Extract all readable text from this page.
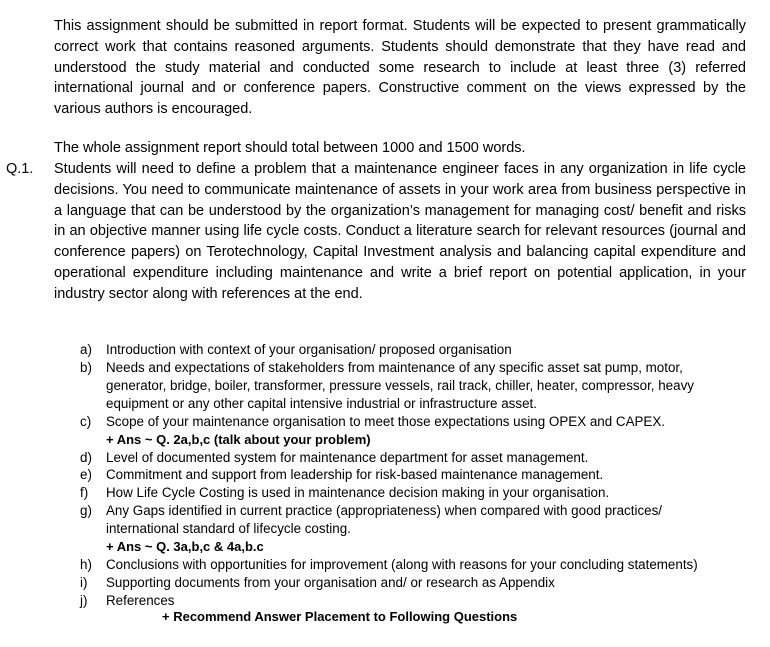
This assignment should be submitted in report format. Students will be expected to present grammatically correct work that contains reasoned arguments. Students should demonstrate that they have read and understood the study material and conducted some research to include at least three (3) referred international journal and or conference papers. Constructive comment on the views expressed by the various authors is encouraged.
The whole assignment report should total between 1000 and 1500 words.
Q.1. Students will need to define a problem that a maintenance engineer faces in any organization in life cycle decisions. You need to communicate maintenance of assets in your work area from business perspective in a language that can be understood by the organization’s management for managing cost/ benefit and risks in an objective manner using life cycle costs. Conduct a literature search for relevant resources (journal and conference papers) on Terotechnology, Capital Investment analysis and balancing capital expenditure and operational expenditure including maintenance and write a brief report on potential application, in your industry sector along with references at the end.
a) Introduction with context of your organisation/ proposed organisation
b) Needs and expectations of stakeholders from maintenance of any specific asset sat pump, motor, generator, bridge, boiler, transformer, pressure vessels, rail track, chiller, heater, compressor, heavy equipment or any other capital intensive industrial or infrastructure asset.
c) Scope of your maintenance organisation to meet those expectations using OPEX and CAPEX.
+ Ans ~ Q. 2a,b,c (talk about your problem)
d) Level of documented system for maintenance department for asset management.
e) Commitment and support from leadership for risk-based maintenance management.
f) How Life Cycle Costing is used in maintenance decision making in your organisation.
g) Any Gaps identified in current practice (appropriateness) when compared with good practices/ international standard of lifecycle costing.
+ Ans ~ Q. 3a,b,c & 4a,b.c
h) Conclusions with opportunities for improvement (along with reasons for your concluding statements)
i) Supporting documents from your organisation and/ or research as Appendix
j) References
+ Recommend Answer Placement to Following Questions
